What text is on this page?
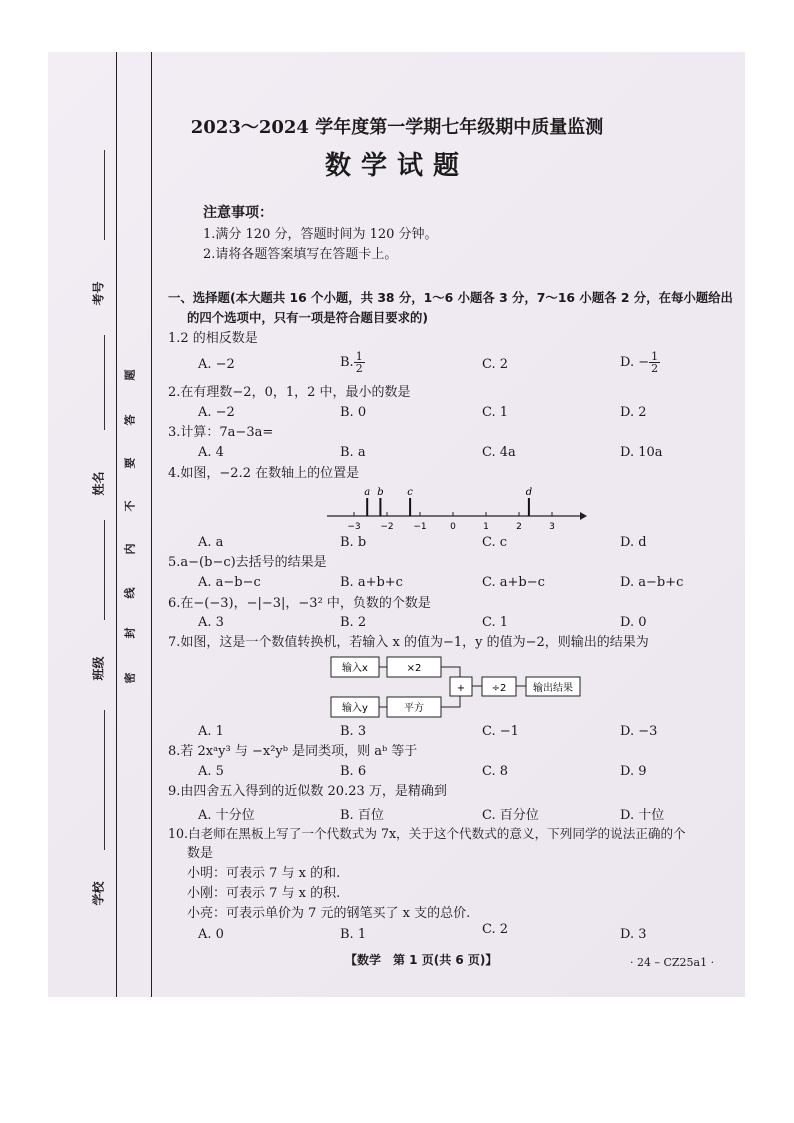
考号
姓名
班级
学校
密
封
线
内
不
要
答
题
2023～2024 学年度第一学期七年级期中质量监测
数学试题
注意事项：
1.满分 120 分，答题时间为 120 分钟。
2.请将各题答案填写在答题卡上。
一、选择题(本大题共 16 个小题，共 38 分，1～6 小题各 3 分，7～16 小题各 2 分，在每小题给出
的四个选项中，只有一项是符合题目要求的)
1.2 的相反数是
A. −2	B. $\frac{1}{2}$	C. 2	D. − $\frac{1}{2}$
2.在有理数−2，0，1，2 中，最小的数是
A. −2	B. 0	C. 1	D. 2
3.计算：7a−3a=
A. 4	B. a	C. 4a	D. 10a
4.如图，−2.2 在数轴上的位置是
−3 −2 −1	0	1	2	3
a b c	d
A. a	B. b	C. c	D. d
5.a−(b−c)去括号的结果是
A. a−b−c	B. a+b+c	C. a+b−c	D. a−b+c
6.在−(−3)，−|−3|，−3² 中，负数的个数是
A. 3	B. 2	C. 1	D. 0
7.如图，这是一个数值转换机，若输入 x 的值为−1，y 的值为−2，则输出的结果为
输入x	×2
输入y	平方
+	÷2	输出结果
A. 1	B. 3	C. −1	D. −3
8.若 2xᵃy³ 与 −x²yᵇ 是同类项，则 aᵇ 等于
A. 5	B. 6	C. 8	D. 9
9.由四舍五入得到的近似数 20.23 万，是精确到
A. 十分位	B. 百位	C. 百分位	D. 十位
10.白老师在黑板上写了一个代数式为 7x，关于这个代数式的意义，下列同学的说法正确的个
数是
小明：可表示 7 与 x 的和.
小刚：可表示 7 与 x 的积.
小亮：可表示单价为 7 元的钢笔买了 x 支的总价.
A. 0	B. 1	C. 2	D. 3
【数学　第 1 页(共 6 页)】	· 24 – CZ25a1 ·
